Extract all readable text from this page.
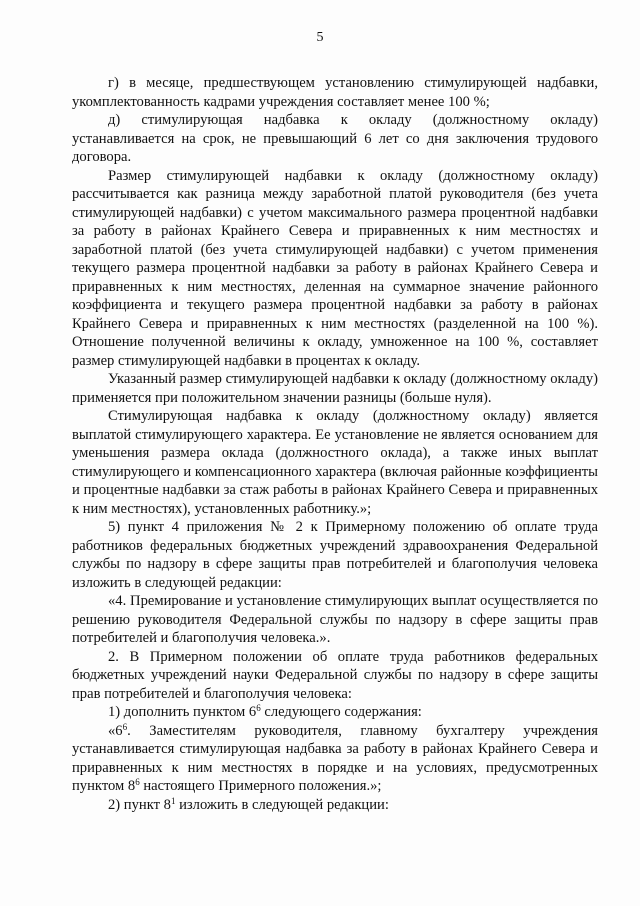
5

г) в месяце, предшествующем установлению стимулирующей надбавки, укомплектованность кадрами учреждения составляет менее 100 %;

д) стимулирующая надбавка к окладу (должностному окладу) устанавливается на срок, не превышающий 6 лет со дня заключения трудового договора.

Размер стимулирующей надбавки к окладу (должностному окладу) рассчитывается как разница между заработной платой руководителя (без учета стимулирующей надбавки) с учетом максимального размера процентной надбавки за работу в районах Крайнего Севера и приравненных к ним местностях и заработной платой (без учета стимулирующей надбавки) с учетом применения текущего размера процентной надбавки за работу в районах Крайнего Севера и приравненных к ним местностях, деленная на суммарное значение районного коэффициента и текущего размера процентной надбавки за работу в районах Крайнего Севера и приравненных к ним местностях (разделенной на 100 %). Отношение полученной величины к окладу, умноженное на 100 %, составляет размер стимулирующей надбавки в процентах к окладу.

Указанный размер стимулирующей надбавки к окладу (должностному окладу) применяется при положительном значении разницы (больше нуля).

Стимулирующая надбавка к окладу (должностному окладу) является выплатой стимулирующего характера. Ее установление не является основанием для уменьшения размера оклада (должностного оклада), а также иных выплат стимулирующего и компенсационного характера (включая районные коэффициенты и процентные надбавки за стаж работы в районах Крайнего Севера и приравненных к ним местностях), установленных работнику.»;

5) пункт 4 приложения № 2 к Примерному положению об оплате труда работников федеральных бюджетных учреждений здравоохранения Федеральной службы по надзору в сфере защиты прав потребителей и благополучия человека изложить в следующей редакции:

«4. Премирование и установление стимулирующих выплат осуществляется по решению руководителя Федеральной службы по надзору в сфере защиты прав потребителей и благополучия человека.».

2. В Примерном положении об оплате труда работников федеральных бюджетных учреждений науки Федеральной службы по надзору в сфере защиты прав потребителей и благополучия человека:

1) дополнить пунктом $6^6$ следующего содержания:

«$6^6$. Заместителям руководителя, главному бухгалтеру учреждения устанавливается стимулирующая надбавка за работу в районах Крайнего Севера и приравненных к ним местностях в порядке и на условиях, предусмотренных пунктом $8^6$ настоящего Примерного положения.»;

2) пункт $8^1$ изложить в следующей редакции:
